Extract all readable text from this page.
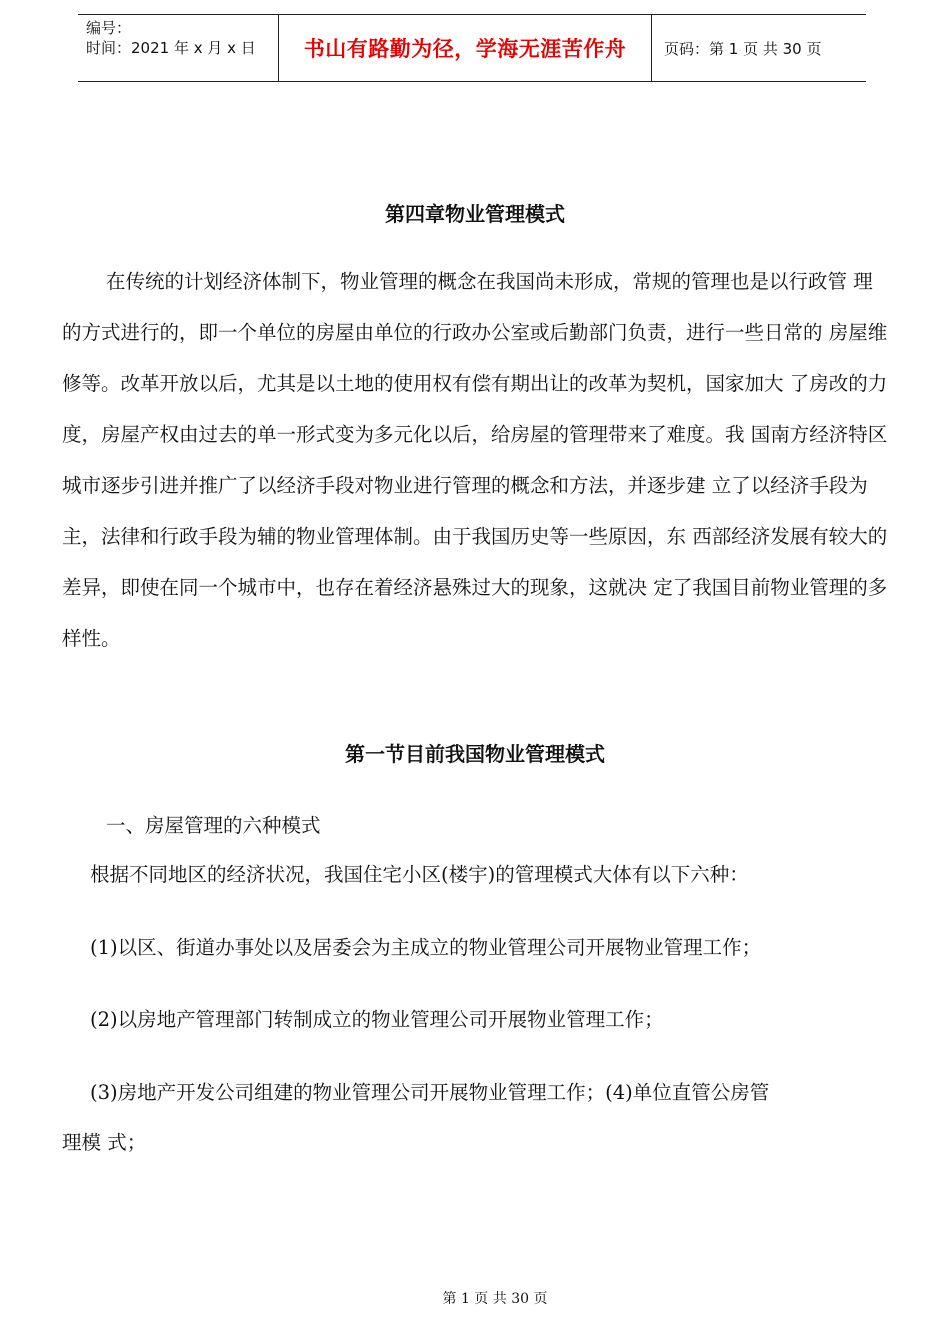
编号：
时间：2021 年 x 月 x 日 书山有路勤为径，学海无涯苦作舟	页码：第 1 页 共 30 页
第四章物业管理模式
在传统的计划经济体制下，物业管理的概念在我国尚未形成，常规的管理也是以行政管 理的方式进行的，即一个单位的房屋由单位的行政办公室或后勤部门负责，进行一些日常的 房屋维修等。改革开放以后，尤其是以土地的使用权有偿有期出让的改革为契机，国家加大 了房改的力度，房屋产权由过去的单一形式变为多元化以后，给房屋的管理带来了难度。我 国南方经济特区城市逐步引进并推广了以经济手段对物业进行管理的概念和方法，并逐步建 立了以经济手段为主，法律和行政手段为辅的物业管理体制。由于我国历史等一些原因，东 西部经济发展有较大的差异，即使在同一个城市中，也存在着经济悬殊过大的现象，这就决 定了我国目前物业管理的多样性。
第一节目前我国物业管理模式
一、房屋管理的六种模式
根据不同地区的经济状况，我国住宅小区(楼宇)的管理模式大体有以下六种：
(1)以区、街道办事处以及居委会为主成立的物业管理公司开展物业管理工作；
(2)以房地产管理部门转制成立的物业管理公司开展物业管理工作；
(3)房地产开发公司组建的物业管理公司开展物业管理工作；(4)单位直管公房管
理模 式；
第 1 页 共 30 页
